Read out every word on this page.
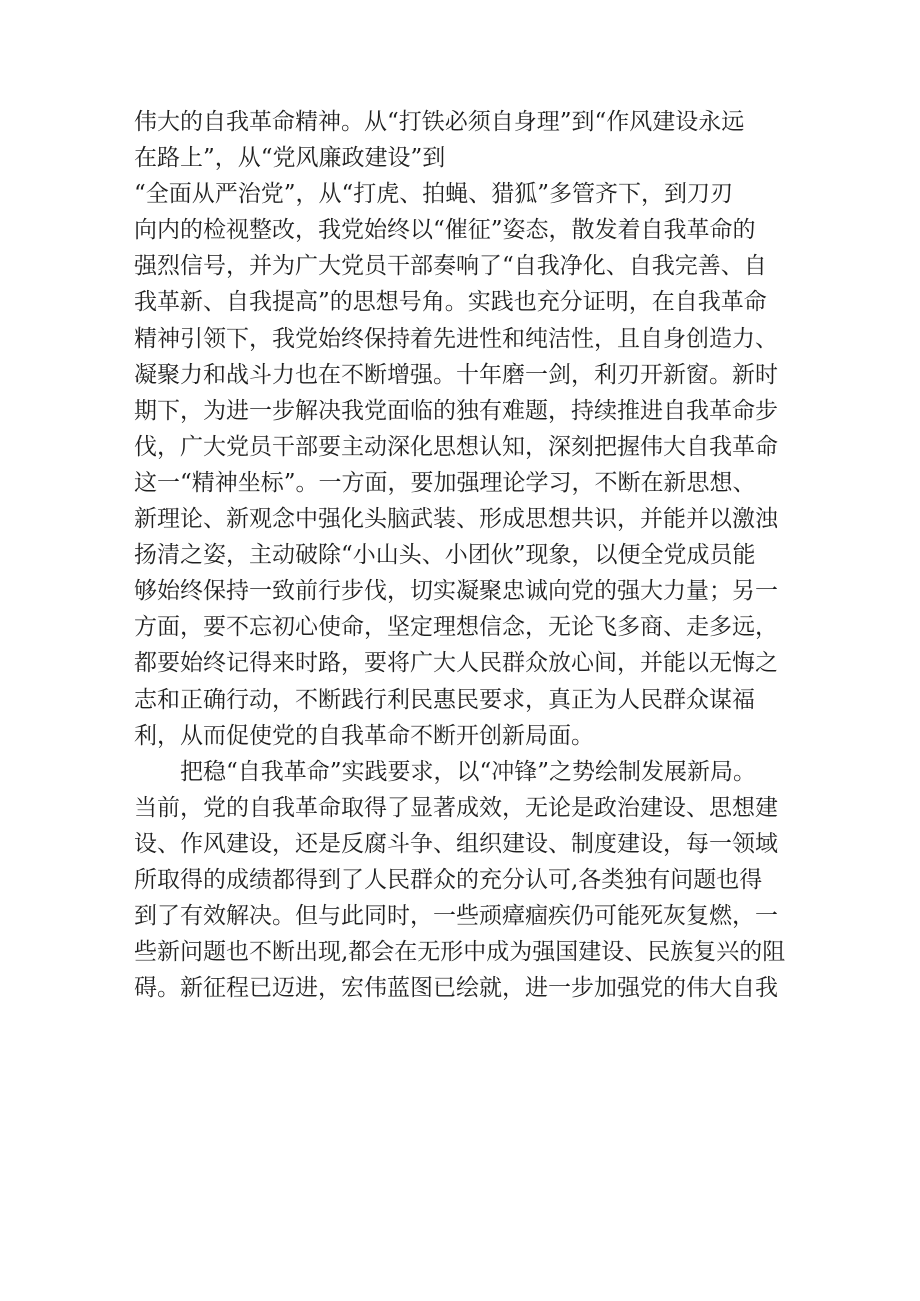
伟大的自我革命精神。从“打铁必须自身理”到“作风建设永远
在路上”，从“党风廉政建设”到
“全面从严治党”，从“打虎、拍蝇、猎狐”多管齐下，到刀刃
向内的检视整改，我党始终以“催征”姿态，散发着自我革命的
强烈信号，并为广大党员干部奏响了“自我净化、自我完善、自
我革新、自我提高”的思想号角。实践也充分证明，在自我革命
精神引领下，我党始终保持着先进性和纯洁性，且自身创造力、
凝聚力和战斗力也在不断增强。十年磨一剑，利刃开新窗。新时
期下，为进一步解决我党面临的独有难题，持续推进自我革命步
伐，广大党员干部要主动深化思想认知，深刻把握伟大自我革命
这一“精神坐标”。一方面，要加强理论学习，不断在新思想、
新理论、新观念中强化头脑武装、形成思想共识，并能并以激浊
扬清之姿，主动破除“小山头、小团伙”现象，以便全党成员能
够始终保持一致前行步伐，切实凝聚忠诚向党的强大力量；另一
方面，要不忘初心使命，坚定理想信念，无论飞多商、走多远，
都要始终记得来时路，要将广大人民群众放心间，并能以无悔之
志和正确行动，不断践行利民惠民要求，真正为人民群众谋福
利，从而促使党的自我革命不断开创新局面。
　　把稳“自我革命”实践要求，以“冲锋”之势绘制发展新局。
当前，党的自我革命取得了显著成效，无论是政治建设、思想建
设、作风建设，还是反腐斗争、组织建设、制度建设，每一领域
所取得的成绩都得到了人民群众的充分认可,各类独有问题也得
到了有效解决。但与此同时，一些顽瘴痼疾仍可能死灰复燃，一
些新问题也不断出现,都会在无形中成为强国建设、民族复兴的阻
碍。新征程已迈进，宏伟蓝图已绘就，进一步加强党的伟大自我
